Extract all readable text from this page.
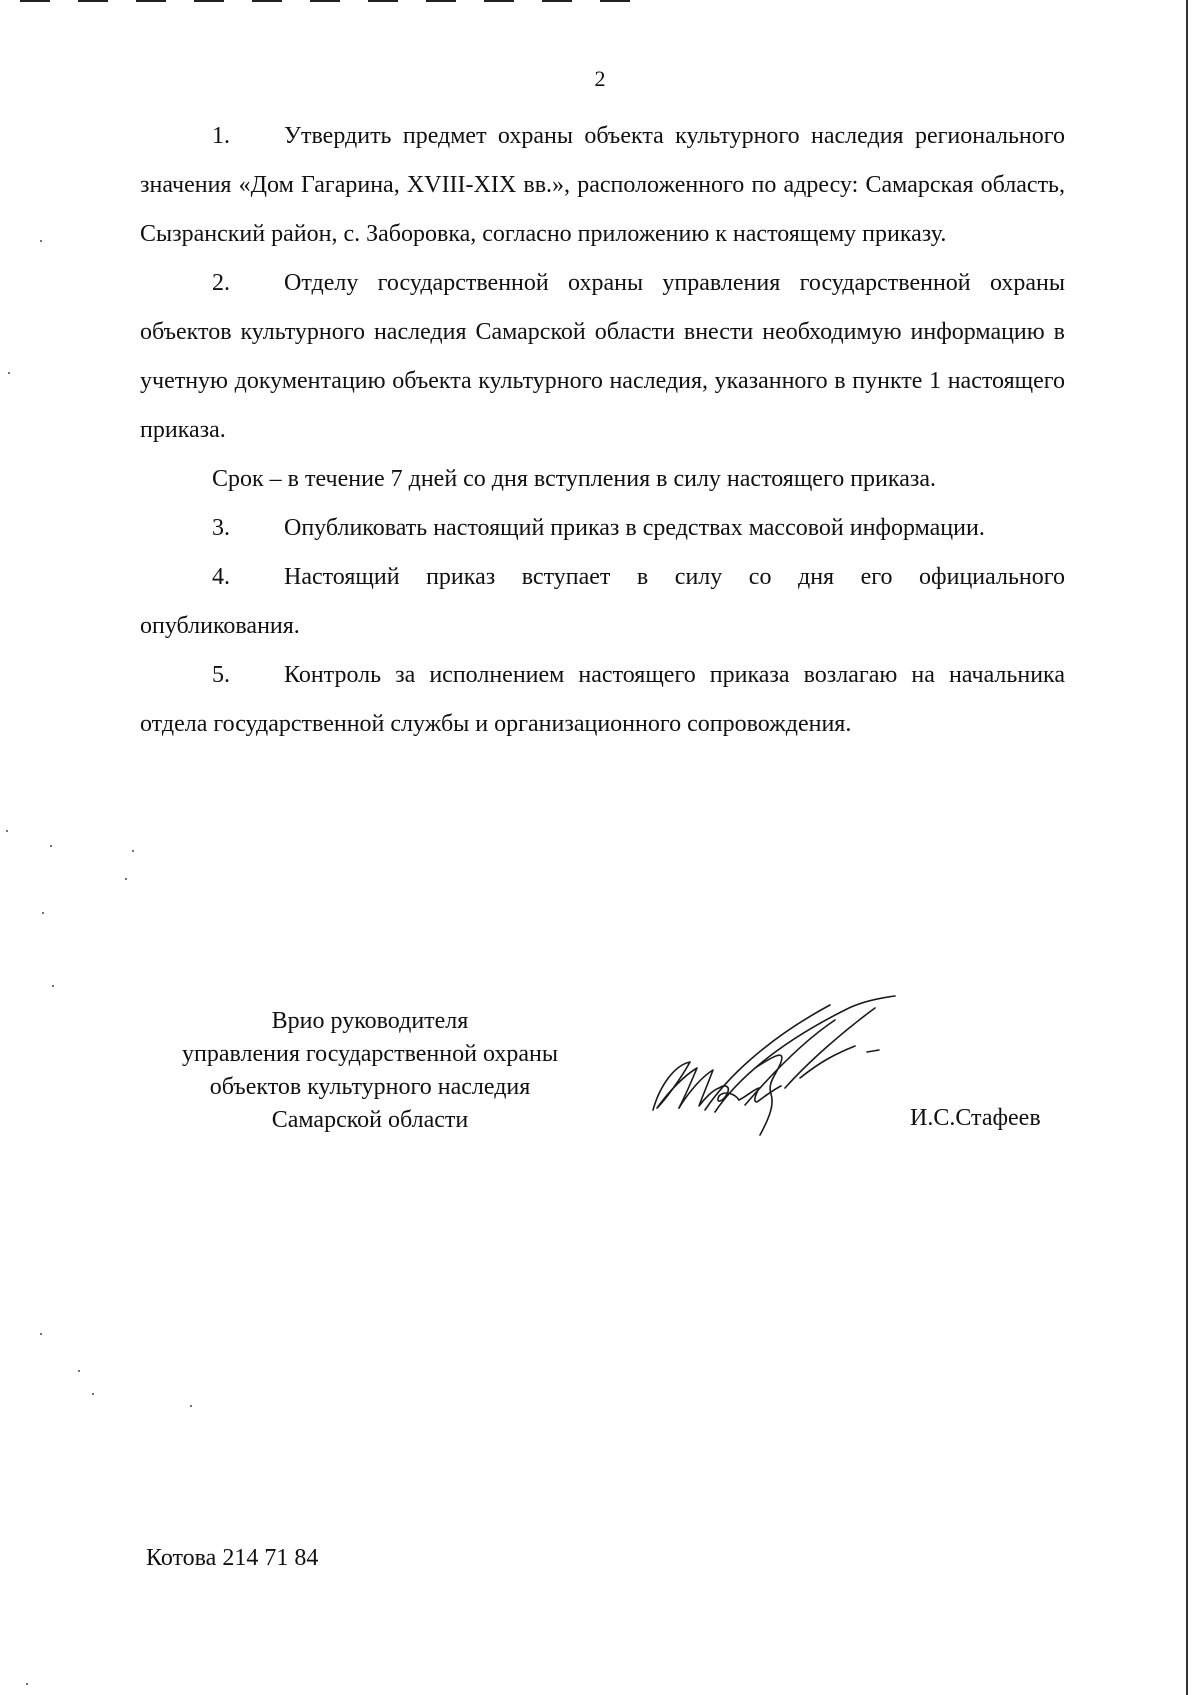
2

1. Утвердить предмет охраны объекта культурного наследия регионального значения «Дом Гагарина, XVIII-XIX вв.», расположенного по адресу: Самарская область, Сызранский район, с. Заборовка, согласно приложению к настоящему приказу.

2. Отделу государственной охраны управления государственной охраны объектов культурного наследия Самарской области внести необходимую информацию в учетную документацию объекта культурного наследия, указанного в пункте 1 настоящего приказа.

Срок – в течение 7 дней со дня вступления в силу настоящего приказа.

3. Опубликовать настоящий приказ в средствах массовой информации.

4. Настоящий приказ вступает в силу со дня его официального опубликования.

5. Контроль за исполнением настоящего приказа возлагаю на начальника отдела государственной службы и организационного сопровождения.

Врио руководителя
управления государственной охраны
объектов культурного наследия
Самарской области	И.С.Стафеев
Котова 214 71 84
